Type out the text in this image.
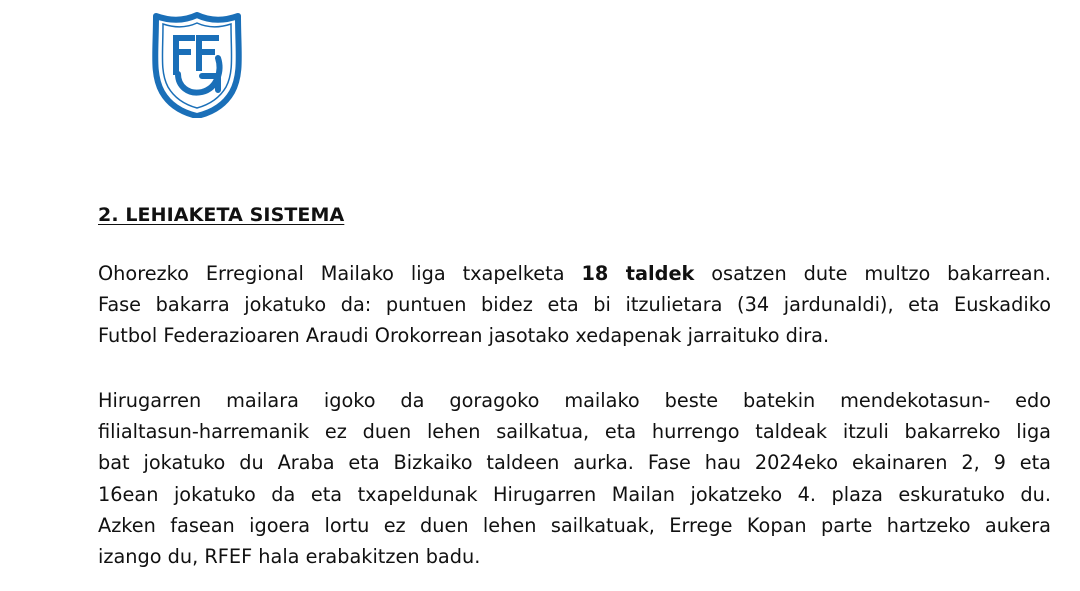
2. LEHIAKETA SISTEMA

Ohorezko Erregional Mailako liga txapelketa 18 taldek osatzen dute multzo bakarrean.
Fase bakarra jokatuko da: puntuen bidez eta bi itzulietara (34 jardunaldi), eta Euskadiko
Futbol Federazioaren Araudi Orokorrean jasotako xedapenak jarraituko dira.

Hirugarren mailara igoko da goragoko mailako beste batekin mendekotasun- edo
filialtasun-harremanik ez duen lehen sailkatua, eta hurrengo taldeak itzuli bakarreko liga
bat jokatuko du Araba eta Bizkaiko taldeen aurka. Fase hau 2024eko ekainaren 2, 9 eta
16ean jokatuko da eta txapeldunak Hirugarren Mailan jokatzeko 4. plaza eskuratuko du.
Azken fasean igoera lortu ez duen lehen sailkatuak, Errege Kopan parte hartzeko aukera
izango du, RFEF hala erabakitzen badu.
